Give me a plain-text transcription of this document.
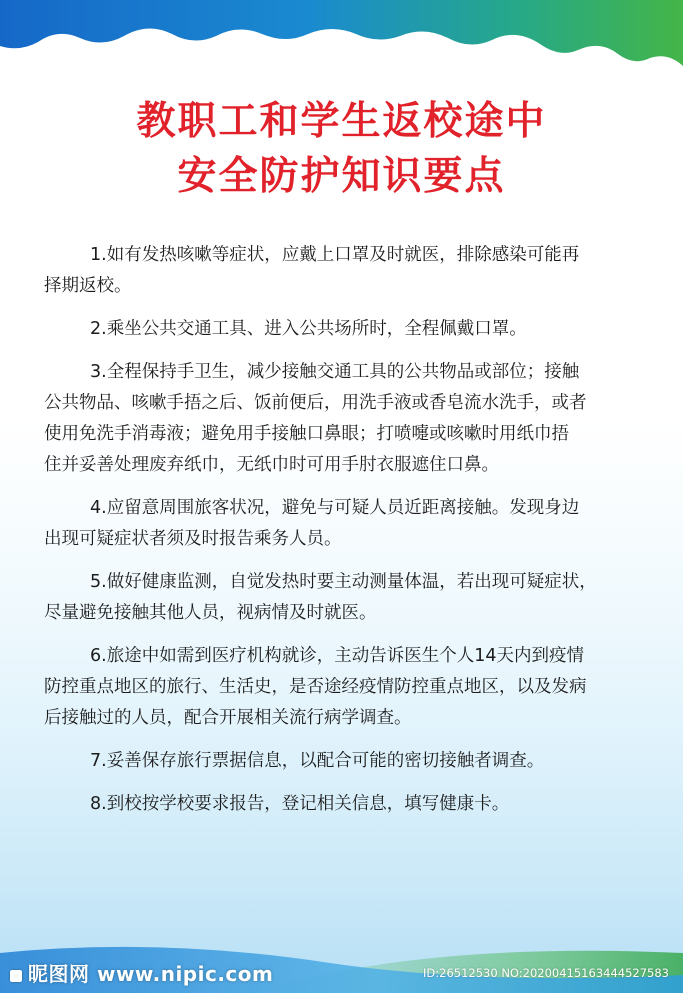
教职工和学生返校途中
安全防护知识要点
1.如有发热咳嗽等症状，应戴上口罩及时就医，排除感染可能再
择期返校。
2.乘坐公共交通工具、进入公共场所时，全程佩戴口罩。
3.全程保持手卫生，减少接触交通工具的公共物品或部位；接触
公共物品、咳嗽手捂之后、饭前便后，用洗手液或香皂流水洗手，或者
使用免洗手消毒液；避免用手接触口鼻眼；打喷嚏或咳嗽时用纸巾捂
住并妥善处理废弃纸巾，无纸巾时可用手肘衣服遮住口鼻。
4.应留意周围旅客状况，避免与可疑人员近距离接触。发现身边
出现可疑症状者须及时报告乘务人员。
5.做好健康监测，自觉发热时要主动测量体温，若出现可疑症状，
尽量避免接触其他人员，视病情及时就医。
6.旅途中如需到医疗机构就诊，主动告诉医生个人14天内到疫情
防控重点地区的旅行、生活史，是否途经疫情防控重点地区，以及发病
后接触过的人员，配合开展相关流行病学调查。
7.妥善保存旅行票据信息，以配合可能的密切接触者调查。
8.到校按学校要求报告，登记相关信息，填写健康卡。
昵图网 www.nipic.com	ID:26512530 NO:20200415163444527583
